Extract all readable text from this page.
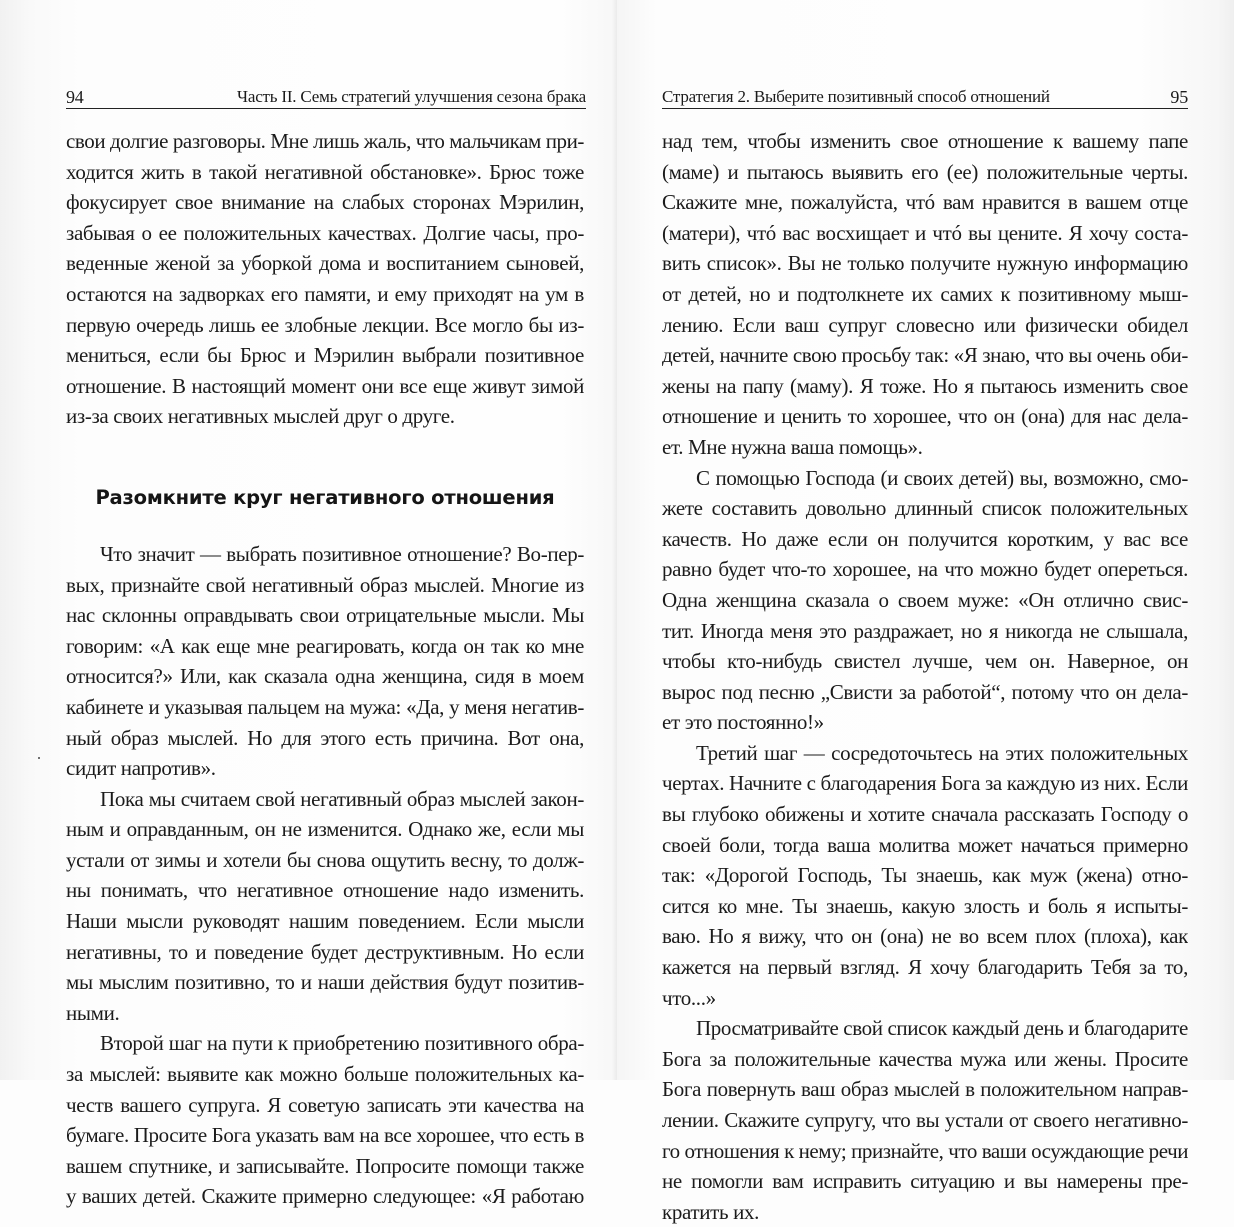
94	Часть II. Семь стратегий улучшения сезона брака
свои долгие разговоры. Мне лишь жаль, что мальчикам при-
ходится жить в такой негативной обстановке». Брюс тоже
фокусирует свое внимание на слабых сторонах Мэрилин,
забывая о ее положительных качествах. Долгие часы, про-
веденные женой за уборкой дома и воспитанием сыновей,
остаются на задворках его памяти, и ему приходят на ум в
первую очередь лишь ее злобные лекции. Все могло бы из-
мениться, если бы Брюс и Мэрилин выбрали позитивное
отношение. В настоящий момент они все еще живут зимой
из-за своих негативных мыслей друг о друге.
Разомкните круг негативного отношения
Что значит — выбрать позитивное отношение? Во-пер-
вых, признайте свой негативный образ мыслей. Многие из
нас склонны оправдывать свои отрицательные мысли. Мы
говорим: «А как еще мне реагировать, когда он так ко мне
относится?» Или, как сказала одна женщина, сидя в моем
кабинете и указывая пальцем на мужа: «Да, у меня негатив-
ный образ мыслей. Но для этого есть причина. Вот она,
сидит напротив».
Пока мы считаем свой негативный образ мыслей закон-
ным и оправданным, он не изменится. Однако же, если мы
устали от зимы и хотели бы снова ощутить весну, то долж-
ны понимать, что негативное отношение надо изменить.
Наши мысли руководят нашим поведением. Если мысли
негативны, то и поведение будет деструктивным. Но если
мы мыслим позитивно, то и наши действия будут позитив-
ными.
Второй шаг на пути к приобретению позитивного обра-
за мыслей: выявите как можно больше положительных ка-
честв вашего супруга. Я советую записать эти качества на
бумаге. Просите Бога указать вам на все хорошее, что есть в
вашем спутнике, и записывайте. Попросите помощи также
у ваших детей. Скажите примерно следующее: «Я работаю
Стратегия 2. Выберите позитивный способ отношений	95
над тем, чтобы изменить свое отношение к вашему папе
(маме) и пытаюсь выявить его (ее) положительные черты.
Скажите мне, пожалуйста, чтó вам нравится в вашем отце
(матери), чтó вас восхищает и чтó вы цените. Я хочу соста-
вить список». Вы не только получите нужную информацию
от детей, но и подтолкнете их самих к позитивному мыш-
лению. Если ваш супруг словесно или физически обидел
детей, начните свою просьбу так: «Я знаю, что вы очень оби-
жены на папу (маму). Я тоже. Но я пытаюсь изменить свое
отношение и ценить то хорошее, что он (она) для нас дела-
ет. Мне нужна ваша помощь».
С помощью Господа (и своих детей) вы, возможно, смо-
жете составить довольно длинный список положительных
качеств. Но даже если он получится коротким, у вас все
равно будет что-то хорошее, на что можно будет опереться.
Одна женщина сказала о своем муже: «Он отлично свис-
тит. Иногда меня это раздражает, но я никогда не слышала,
чтобы кто-нибудь свистел лучше, чем он. Наверное, он
вырос под песню „Свисти за работой“, потому что он дела-
ет это постоянно!»
Третий шаг — сосредоточьтесь на этих положительных
чертах. Начните с благодарения Бога за каждую из них. Если
вы глубоко обижены и хотите сначала рассказать Господу о
своей боли, тогда ваша молитва может начаться примерно
так: «Дорогой Господь, Ты знаешь, как муж (жена) отно-
сится ко мне. Ты знаешь, какую злость и боль я испыты-
ваю. Но я вижу, что он (она) не во всем плох (плоха), как
кажется на первый взгляд. Я хочу благодарить Тебя за то,
что...»
Просматривайте свой список каждый день и благодарите
Бога за положительные качества мужа или жены. Просите
Бога повернуть ваш образ мыслей в положительном направ-
лении. Скажите супругу, что вы устали от своего негативно-
го отношения к нему; признайте, что ваши осуждающие речи
не помогли вам исправить ситуацию и вы намерены пре-
кратить их.
